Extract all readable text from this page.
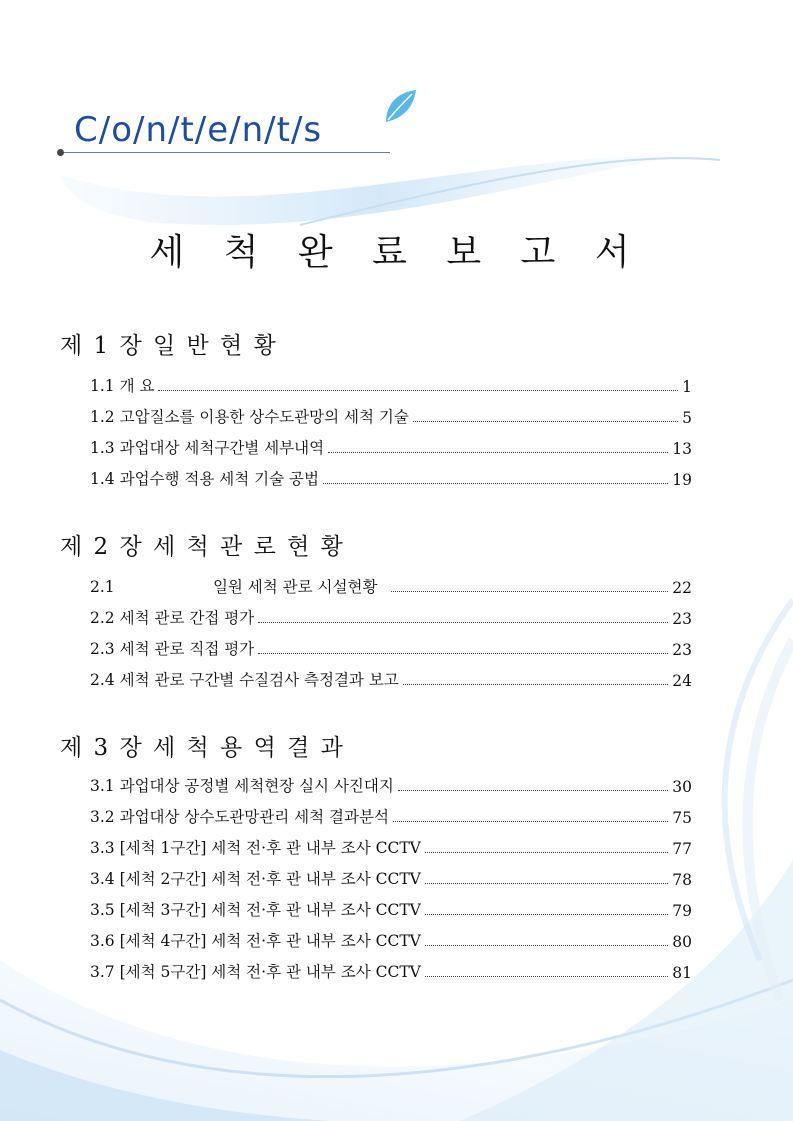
C/o/n/t/e/n/t/s
세 척 완 료 보 고 서
제 1 장 일 반 현 황
1.1 개 요	1
1.2 고압질소를 이용한 상수도관망의 세척 기술	5
1.3 과업대상 세척구간별 세부내역	13
1.4 과업수행 적용 세척 기술 공법	19
제 2 장 세 척 관 로 현 황
2.1	일원 세척 관로 시설현황	22
2.2 세척 관로 간접 평가	23
2.3 세척 관로 직접 평가	23
2.4 세척 관로 구간별 수질검사 측정결과 보고	24
제 3 장 세 척 용 역 결 과
3.1 과업대상 공정별 세척현장 실시 사진대지	30
3.2 과업대상 상수도관망관리 세척 결과분석	75
3.3 [세척 1구간] 세척 전·후 관 내부 조사 CCTV	77
3.4 [세척 2구간] 세척 전·후 관 내부 조사 CCTV	78
3.5 [세척 3구간] 세척 전·후 관 내부 조사 CCTV	79
3.6 [세척 4구간] 세척 전·후 관 내부 조사 CCTV	80
3.7 [세척 5구간] 세척 전·후 관 내부 조사 CCTV	81
